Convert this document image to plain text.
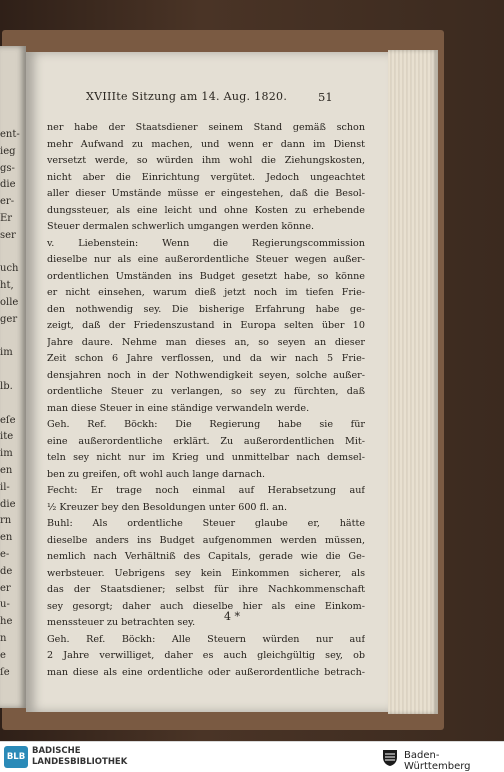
ent-
ieg
gs-
die
er-
Er
ser
uch
ht,
olle
ger
im
lb.
eſe
ite
im
en
il-
die
rn
en
e-
de
er
u-
he
n
e
ſe
XVIIIte Sitzung am 14. Aug. 1820.	51
ner habe der Staatsdiener seinem Stand gemäß schon
mehr Aufwand zu machen, und wenn er dann im Dienst
versetzt werde, so würden ihm wohl die Ziehungskosten,
nicht aber die Einrichtung vergütet. Jedoch ungeachtet
aller dieser Umstände müsse er eingestehen, daß die Besol-
dungssteuer, als eine leicht und ohne Kosten zu erhebende
Steuer dermalen schwerlich umgangen werden könne.
v. Liebenstein: Wenn die Regierungscommission
dieselbe nur als eine außerordentliche Steuer wegen außer-
ordentlichen Umständen ins Budget gesetzt habe, so könne
er nicht einsehen, warum dieß jetzt noch im tiefen Frie-
den nothwendig sey. Die bisherige Erfahrung habe ge-
zeigt, daß der Friedenszustand in Europa selten über 10
Jahre daure. Nehme man dieses an, so seyen an dieser
Zeit schon 6 Jahre verflossen, und da wir nach 5 Frie-
densjahren noch in der Nothwendigkeit seyen, solche außer-
ordentliche Steuer zu verlangen, so sey zu fürchten, daß
man diese Steuer in eine ständige verwandeln werde.
Geh. Ref. Böckh: Die Regierung habe sie für
eine außerordentliche erklärt. Zu außerordentlichen Mit-
teln sey nicht nur im Krieg und unmittelbar nach demsel-
ben zu greifen, oft wohl auch lange darnach.
Fecht: Er trage noch einmal auf Herabsetzung auf
½ Kreuzer bey den Besoldungen unter 600 fl. an.
Buhl: Als ordentliche Steuer glaube er, hätte
dieselbe anders ins Budget aufgenommen werden müssen,
nemlich nach Verhältniß des Capitals, gerade wie die Ge-
werbsteuer. Uebrigens sey kein Einkommen sicherer, als
das der Staatsdiener; selbst für ihre Nachkommenschaft
sey gesorgt; daher auch dieselbe hier als eine Einkom-
menssteuer zu betrachten sey.
Geh. Ref. Böckh: Alle Steuern würden nur auf
2 Jahre verwilliget, daher es auch gleichgültig sey, ob
man diese als eine ordentliche oder außerordentliche betrach-
4 *
BLB
BADISCHE
LANDESBIBLIOTHEK
Baden-Württemberg
